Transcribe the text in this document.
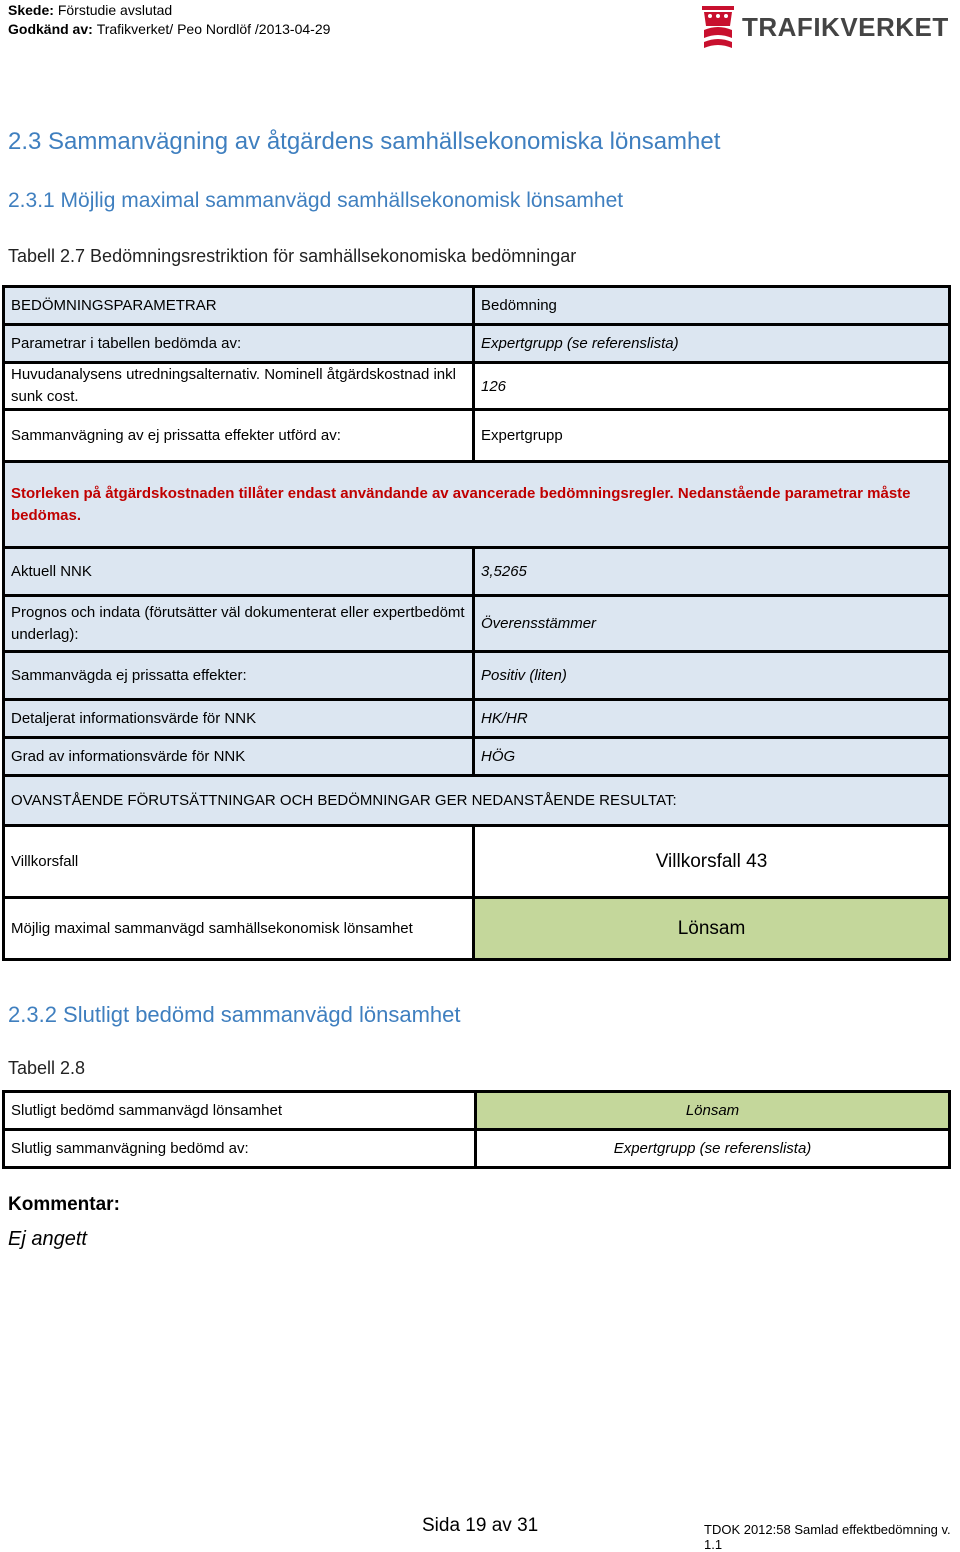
Skede: Förstudie avslutad
Godkänd av: Trafikverket/ Peo Nordlöf /2013-04-29	TRAFIKVERKET
2.3 Sammanvägning av åtgärdens samhällsekonomiska lönsamhet
2.3.1 Möjlig maximal sammanvägd samhällsekonomisk lönsamhet
Tabell 2.7 Bedömningsrestriktion för samhällsekonomiska bedömningar
BEDÖMNINGSPARAMETRAR	Bedömning
Parametrar i tabellen bedömda av:	Expertgrupp (se referenslista)
Huvudanalysens utredningsalternativ. Nominell åtgärdskostnad inkl sunk cost.	126
Sammanvägning av ej prissatta effekter utförd av:	Expertgrupp
Storleken på åtgärdskostnaden tillåter endast användande av avancerade bedömningsregler. Nedanstående parametrar måste bedömas.	
Aktuell NNK	3,5265
Prognos och indata (förutsätter väl dokumenterat eller expertbedömt underlag):	Överensstämmer
Sammanvägda ej prissatta effekter:	Positiv (liten)
Detaljerat informationsvärde för NNK	HK/HR
Grad av informationsvärde för NNK	HÖG
OVANSTÅENDE FÖRUTSÄTTNINGAR OCH BEDÖMNINGAR GER NEDANSTÅENDE RESULTAT:	
Villkorsfall	Villkorsfall 43
Möjlig maximal sammanvägd samhällsekonomisk lönsamhet	Lönsam
2.3.2 Slutligt bedömd sammanvägd lönsamhet
Tabell 2.8
Slutligt bedömd sammanvägd lönsamhet	Lönsam
Slutlig sammanvägning bedömd av:	Expertgrupp (se referenslista)
Kommentar:
Ej angett
Sida 19 av 31	TDOK 2012:58 Samlad effektbedömning v. 1.1
